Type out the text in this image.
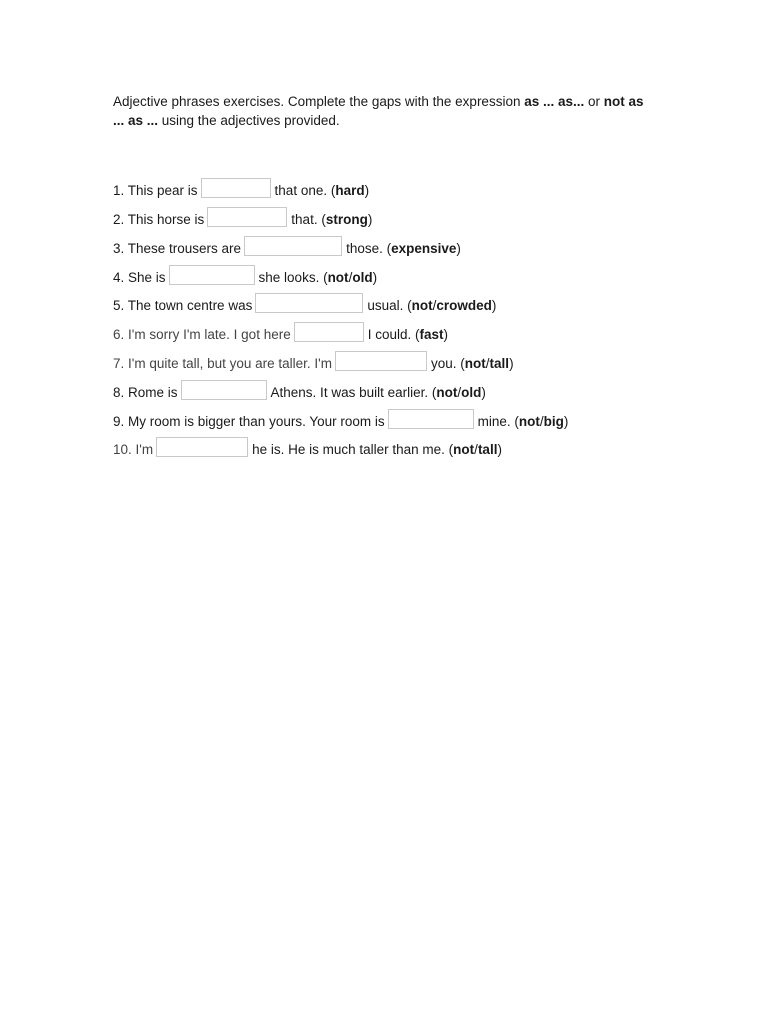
Adjective phrases exercises. Complete the gaps with the expression as ... as... or not as ... as ... using the adjectives provided.
1. This pear is	that one. ( hard )
2. This horse is	that. ( strong )
3. These trousers are	those. ( expensive )
4. She is	she looks. ( not / old )
5. The town centre was	usual. ( not / crowded )
6. I'm sorry I'm late. I got here	I could. ( fast )
7. I'm quite tall, but you are taller. I'm	you. ( not / tall )
8. Rome is	Athens. It was built earlier. ( not / old )
9. My room is bigger than yours. Your room is	mine. ( not / big )
10. I'm	he is. He is much taller than me. ( not / tall )
